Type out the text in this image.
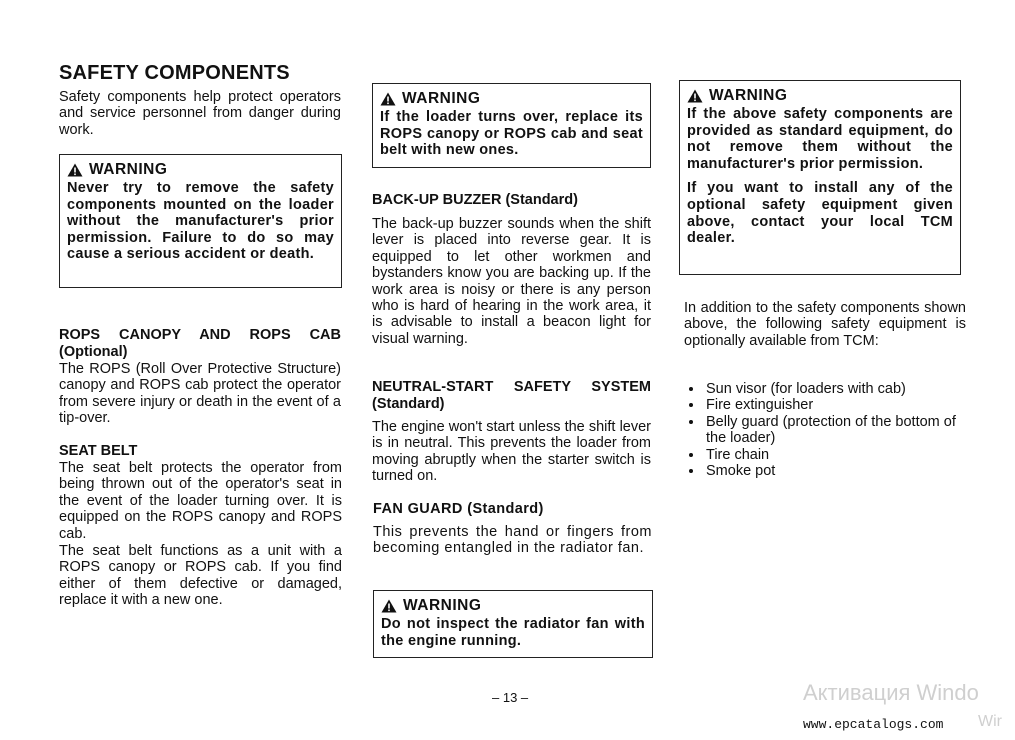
SAFETY COMPONENTS
Safety components help protect operators and service personnel from danger during work.
WARNING
Never try to remove the safety components mounted on the loader without the manufacturer's prior permission. Failure to do so may cause a serious accident or death.
ROPS CANOPY AND ROPS CAB (Optional)
The ROPS (Roll Over Protective Structure) canopy and ROPS cab protect the operator from severe injury or death in the event of a tip-over.
SEAT BELT
The seat belt protects the operator from being thrown out of the operator's seat in the event of the loader turning over. It is equipped on the ROPS canopy and ROPS cab.
The seat belt functions as a unit with a ROPS canopy or ROPS cab. If you find either of them defective or damaged, replace it with a new one.
WARNING
If the loader turns over, replace its ROPS canopy or ROPS cab and seat belt with new ones.
BACK-UP BUZZER (Standard)
The back-up buzzer sounds when the shift lever is placed into reverse gear. It is equipped to let other workmen and bystanders know you are backing up. If the work area is noisy or there is any person who is hard of hearing in the work area, it is advisable to install a beacon light for visual warning.
NEUTRAL-START SAFETY SYSTEM (Standard)
The engine won't start unless the shift lever is in neutral. This prevents the loader from moving abruptly when the starter switch is turned on.
FAN GUARD (Standard)
This prevents the hand or fingers from becoming entangled in the radiator fan.
WARNING
Do not inspect the radiator fan with the engine running.
– 13 –
WARNING
If the above safety components are provided as standard equipment, do not remove them without the manufacturer's prior permission.
If you want to install any of the optional safety equipment given above, contact your local TCM dealer.
In addition to the safety components shown above, the following safety equipment is optionally available from TCM:
• Sun visor (for loaders with cab)
• Fire extinguisher
• Belly guard (protection of the bottom of the loader)
• Tire chain
• Smoke pot
Активация Windo
www.epcatalogs.com Wir
